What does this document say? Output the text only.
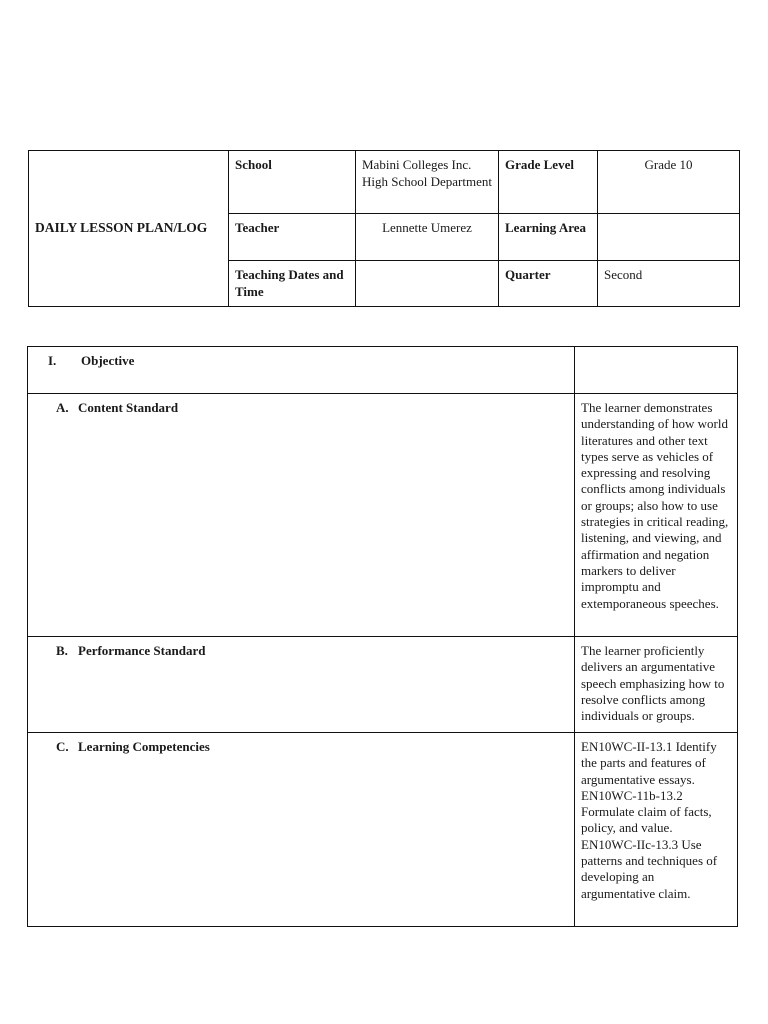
DAILY LESSON PLAN/LOG	School	Mabini Colleges Inc. High School Department	Grade Level	Grade 10
	Teacher	Lennette Umerez	Learning Area	
	Teaching Dates and Time		Quarter	Second
I. Objective	

A. Content Standard	The learner demonstrates understanding of how world literatures and other text types serve as vehicles of expressing and resolving conflicts among individuals or groups; also how to use strategies in critical reading, listening, and viewing, and affirmation and negation markers to deliver impromptu and extemporaneous speeches.

B. Performance Standard	The learner proficiently delivers an argumentative speech emphasizing how to resolve conflicts among individuals or groups.

C. Learning Competencies	EN10WC-II-13.1 Identify the parts and features of argumentative essays. EN10WC-11b-13.2 Formulate claim of facts, policy, and value. EN10WC-IIc-13.3 Use patterns and techniques of developing an argumentative claim.
